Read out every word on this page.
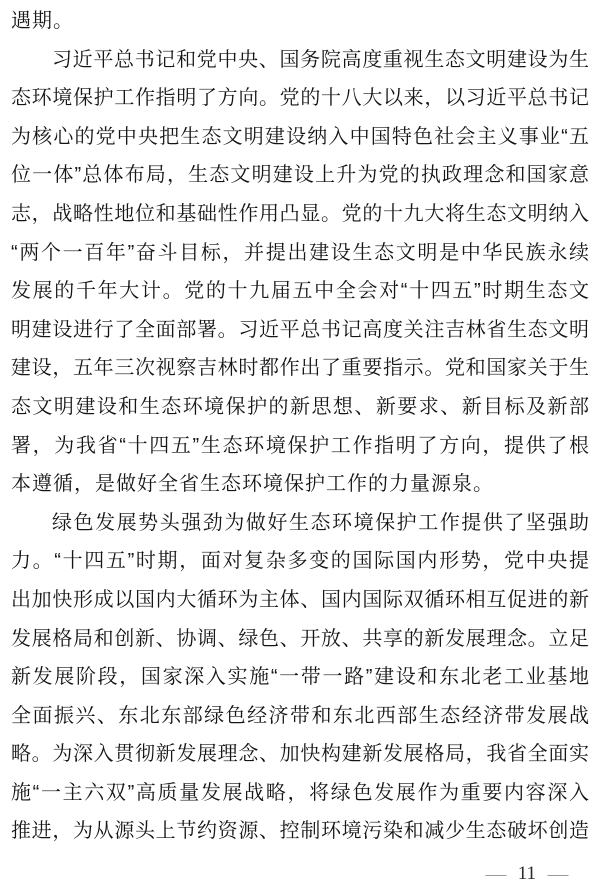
遇期。
习近平总书记和党中央、国务院高度重视生态文明建设为生
态环境保护工作指明了方向。党的十八大以来，以习近平总书记
为核心的党中央把生态文明建设纳入中国特色社会主义事业“五
位一体”总体布局，生态文明建设上升为党的执政理念和国家意
志，战略性地位和基础性作用凸显。党的十九大将生态文明纳入
“两个一百年”奋斗目标，并提出建设生态文明是中华民族永续
发展的千年大计。党的十九届五中全会对“十四五”时期生态文
明建设进行了全面部署。习近平总书记高度关注吉林省生态文明
建设，五年三次视察吉林时都作出了重要指示。党和国家关于生
态文明建设和生态环境保护的新思想、新要求、新目标及新部
署，为我省“十四五”生态环境保护工作指明了方向，提供了根
本遵循，是做好全省生态环境保护工作的力量源泉。
绿色发展势头强劲为做好生态环境保护工作提供了坚强助
力。“十四五”时期，面对复杂多变的国际国内形势，党中央提
出加快形成以国内大循环为主体、国内国际双循环相互促进的新
发展格局和创新、协调、绿色、开放、共享的新发展理念。立足
新发展阶段，国家深入实施“一带一路”建设和东北老工业基地
全面振兴、东北东部绿色经济带和东北西部生态经济带发展战
略。为深入贯彻新发展理念、加快构建新发展格局，我省全面实
施“一主六双”高质量发展战略，将绿色发展作为重要内容深入
推进，为从源头上节约资源、控制环境污染和减少生态破坏创造
— 11 —
